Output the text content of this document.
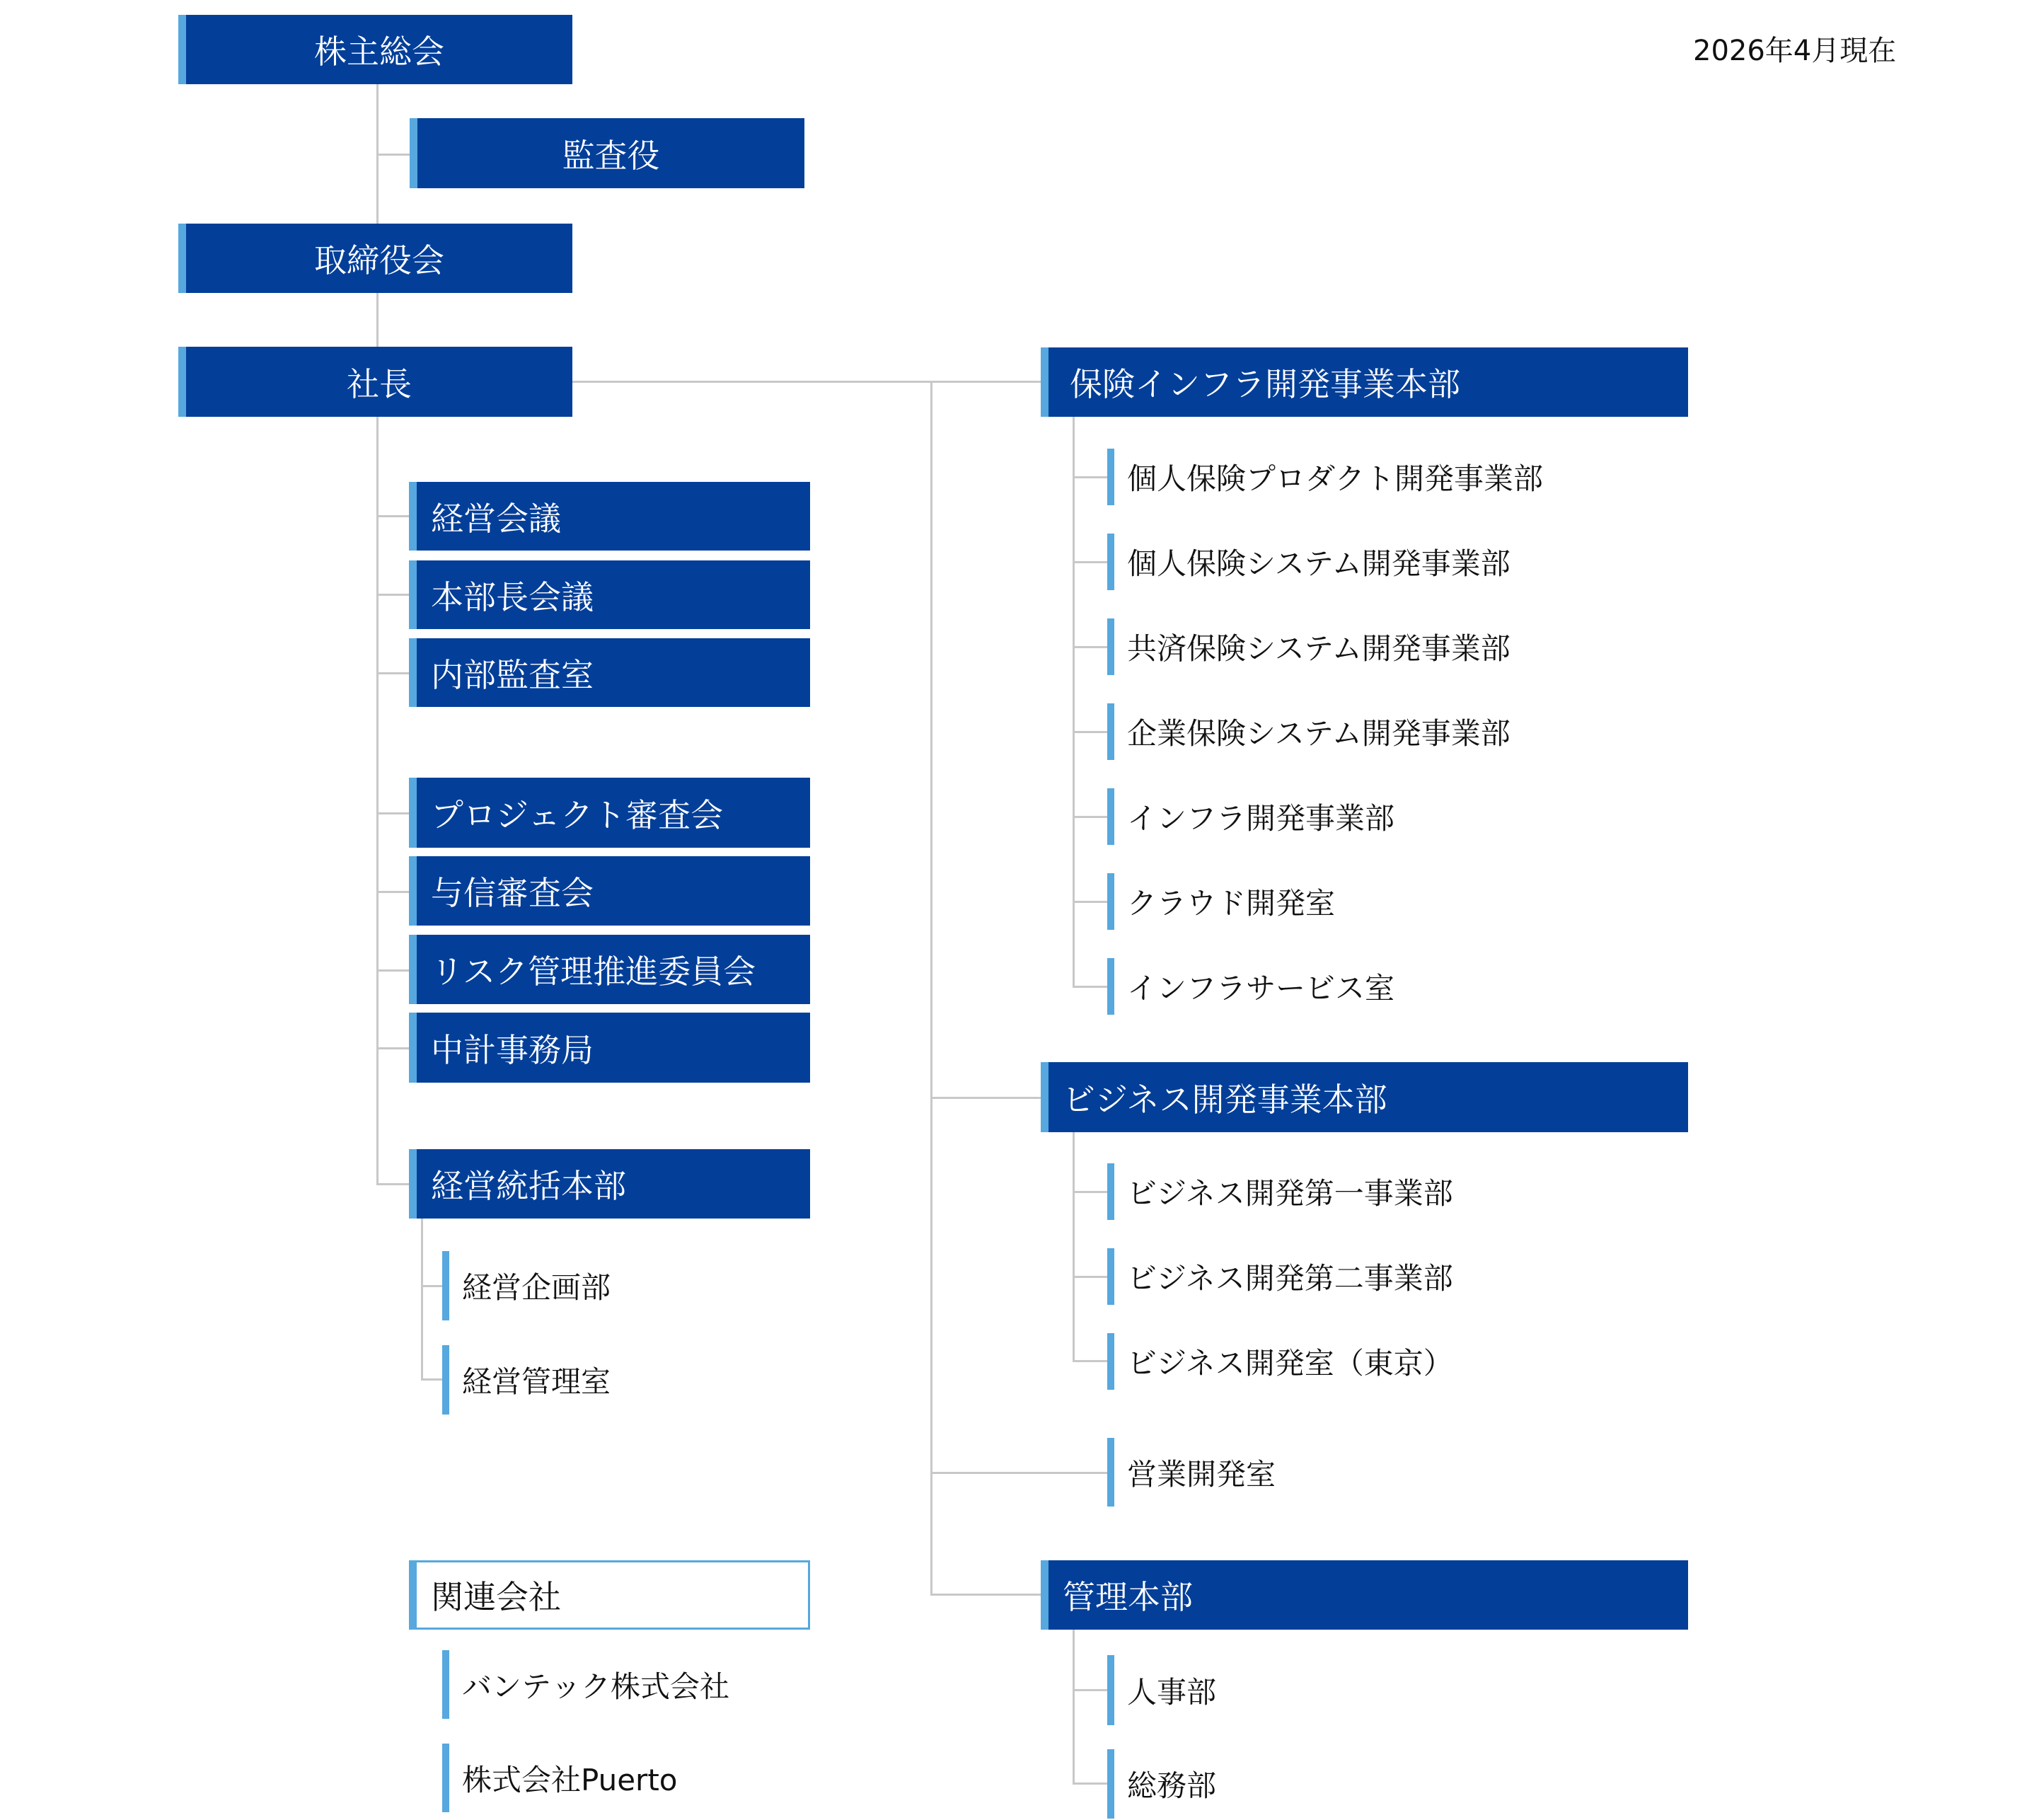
2026年4月現在
株主総会
監査役
取締役会
社長
経営会議
本部長会議
内部監査室
プロジェクト審査会
与信審査会
リスク管理推進委員会
中計事務局
経営統括本部
経営企画部
経営管理室
関連会社
バンテック株式会社
株式会社Puerto
保険インフラ開発事業本部
個人保険プロダクト開発事業部
個人保険システム開発事業部
共済保険システム開発事業部
企業保険システム開発事業部
インフラ開発事業部
クラウド開発室
インフラサービス室
ビジネス開発事業本部
ビジネス開発第一事業部
ビジネス開発第二事業部
ビジネス開発室（東京）
営業開発室
管理本部
人事部
総務部
